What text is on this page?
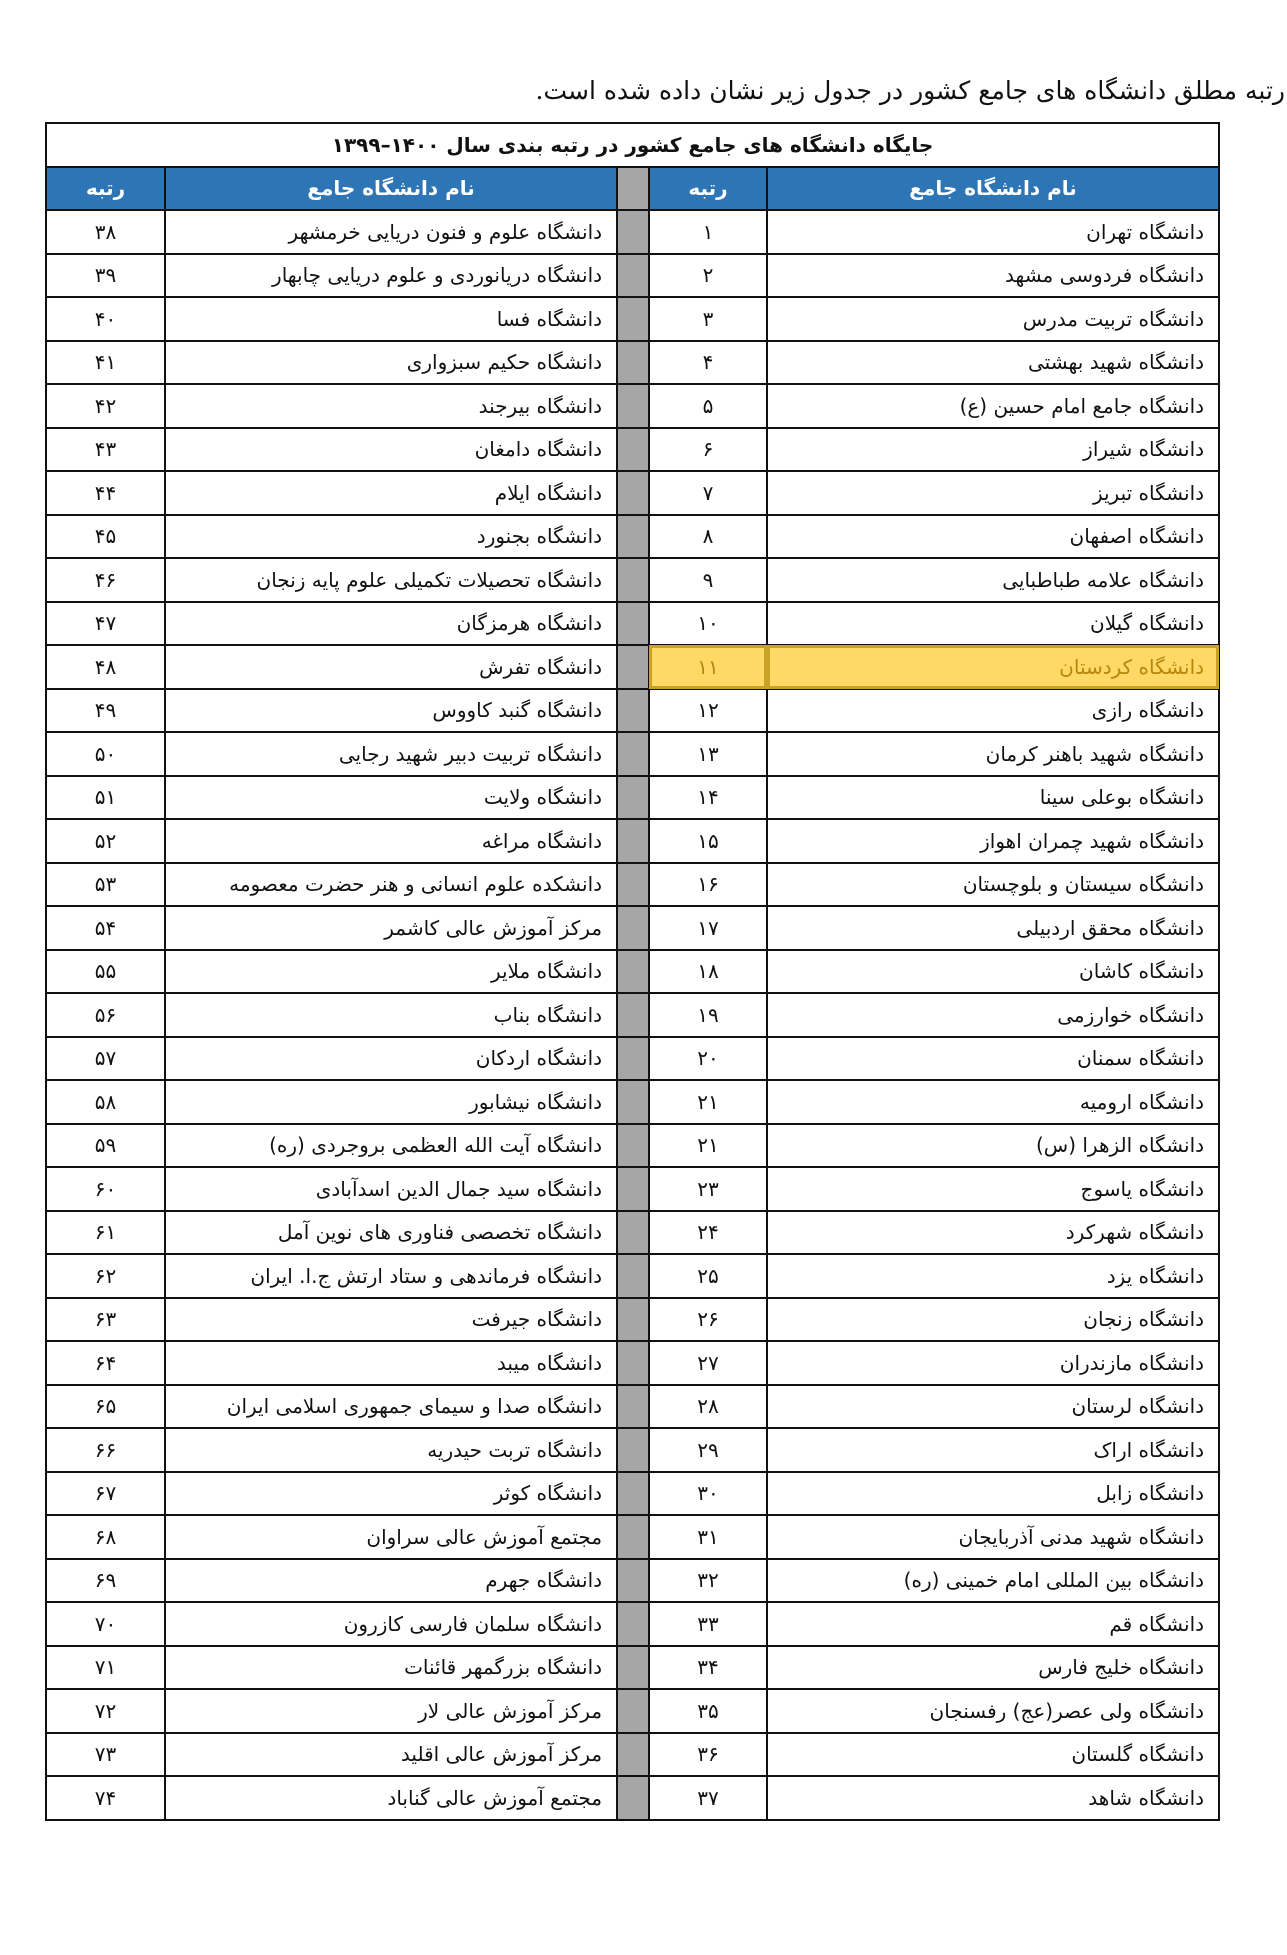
رتبه مطلق دانشگاه های جامع کشور در جدول زیر نشان داده شده است.
جایگاه دانشگاه های جامع کشور در رتبه بندی سال ۱۴۰۰–۱۳۹۹				
نام دانشگاه جامع	رتبه		نام دانشگاه جامع	رتبه
دانشگاه تهران	۱		دانشگاه علوم و فنون دریایی خرمشهر	۳۸
دانشگاه فردوسی مشهد	۲		دانشگاه دریانوردی و علوم دریایی چابهار	۳۹
دانشگاه تربیت مدرس	۳		دانشگاه فسا	۴۰
دانشگاه شهید بهشتی	۴		دانشگاه حکیم سبزواری	۴۱
دانشگاه جامع امام حسین (ع)	۵		دانشگاه بیرجند	۴۲
دانشگاه شیراز	۶		دانشگاه دامغان	۴۳
دانشگاه تبریز	۷		دانشگاه ایلام	۴۴
دانشگاه اصفهان	۸		دانشگاه بجنورد	۴۵
دانشگاه علامه طباطبایی	۹		دانشگاه تحصیلات تکمیلی علوم پایه زنجان	۴۶
دانشگاه گیلان	۱۰		دانشگاه هرمزگان	۴۷
دانشگاه کردستان	۱۱		دانشگاه تفرش	۴۸
دانشگاه رازی	۱۲		دانشگاه گنبد کاووس	۴۹
دانشگاه شهید باهنر کرمان	۱۳		دانشگاه تربیت دبیر شهید رجایی	۵۰
دانشگاه بوعلی سینا	۱۴		دانشگاه ولایت	۵۱
دانشگاه شهید چمران اهواز	۱۵		دانشگاه مراغه	۵۲
دانشگاه سیستان و بلوچستان	۱۶		دانشکده علوم انسانی و هنر حضرت معصومه	۵۳
دانشگاه محقق اردبیلی	۱۷		مرکز آموزش عالی کاشمر	۵۴
دانشگاه کاشان	۱۸		دانشگاه ملایر	۵۵
دانشگاه خوارزمی	۱۹		دانشگاه بناب	۵۶
دانشگاه سمنان	۲۰		دانشگاه اردکان	۵۷
دانشگاه ارومیه	۲۱		دانشگاه نیشابور	۵۸
دانشگاه الزهرا (س)	۲۱		دانشگاه آیت الله العظمی بروجردی (ره)	۵۹
دانشگاه یاسوج	۲۳		دانشگاه سید جمال الدین اسدآبادی	۶۰
دانشگاه شهرکرد	۲۴		دانشگاه تخصصی فناوری های نوین آمل	۶۱
دانشگاه یزد	۲۵		دانشگاه فرماندهی و ستاد ارتش ج.ا. ایران	۶۲
دانشگاه زنجان	۲۶		دانشگاه جیرفت	۶۳
دانشگاه مازندران	۲۷		دانشگاه میبد	۶۴
دانشگاه لرستان	۲۸		دانشگاه صدا و سیمای جمهوری اسلامی ایران	۶۵
دانشگاه اراک	۲۹		دانشگاه تربت حیدریه	۶۶
دانشگاه زابل	۳۰		دانشگاه کوثر	۶۷
دانشگاه شهید مدنی آذربایجان	۳۱		مجتمع آموزش عالی سراوان	۶۸
دانشگاه بین المللی امام خمینی (ره)	۳۲		دانشگاه جهرم	۶۹
دانشگاه قم	۳۳		دانشگاه سلمان فارسی کازرون	۷۰
دانشگاه خلیج فارس	۳۴		دانشگاه بزرگمهر قائنات	۷۱
دانشگاه ولی عصر(عج) رفسنجان	۳۵		مرکز آموزش عالی لار	۷۲
دانشگاه گلستان	۳۶		مرکز آموزش عالی اقلید	۷۳
دانشگاه شاهد	۳۷		مجتمع آموزش عالی گناباد	۷۴
